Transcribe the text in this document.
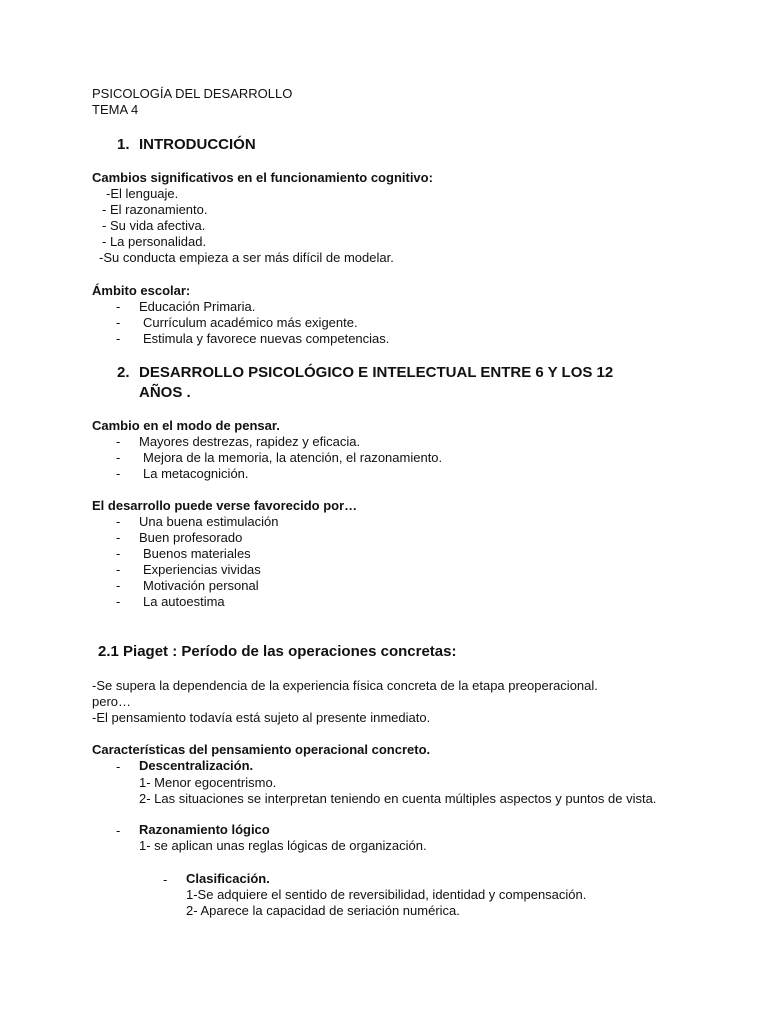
PSICOLOGÍA DEL DESARROLLO
TEMA 4
1. INTRODUCCIÓN
Cambios significativos en el funcionamiento cognitivo:
-El lenguaje.
- El razonamiento.
- Su vida afectiva.
- La personalidad.
-Su conducta empieza a ser más difícil de modelar.
Ámbito escolar:
- Educación Primaria.
- Currículum académico más exigente.
- Estimula y favorece nuevas competencias.
2. DESARROLLO PSICOLÓGICO E INTELECTUAL ENTRE 6 Y LOS 12
AÑOS .
Cambio en el modo de pensar.
- Mayores destrezas, rapidez y eficacia.
- Mejora de la memoria, la atención, el razonamiento.
- La metacognición.
El desarrollo puede verse favorecido por…
- Una buena estimulación
- Buen profesorado
- Buenos materiales
- Experiencias vividas
- Motivación personal
- La autoestima
2.1 Piaget : Período de las operaciones concretas:
-Se supera la dependencia de la experiencia física concreta de la etapa preoperacional.
pero…
-El pensamiento todavía está sujeto al presente inmediato.
Características del pensamiento operacional concreto.
- Descentralización.
1- Menor egocentrismo.
2- Las situaciones se interpretan teniendo en cuenta múltiples aspectos y puntos de vista.
- Razonamiento lógico
1- se aplican unas reglas lógicas de organización.
- Clasificación.
1-Se adquiere el sentido de reversibilidad, identidad y compensación.
2- Aparece la capacidad de seriación numérica.
